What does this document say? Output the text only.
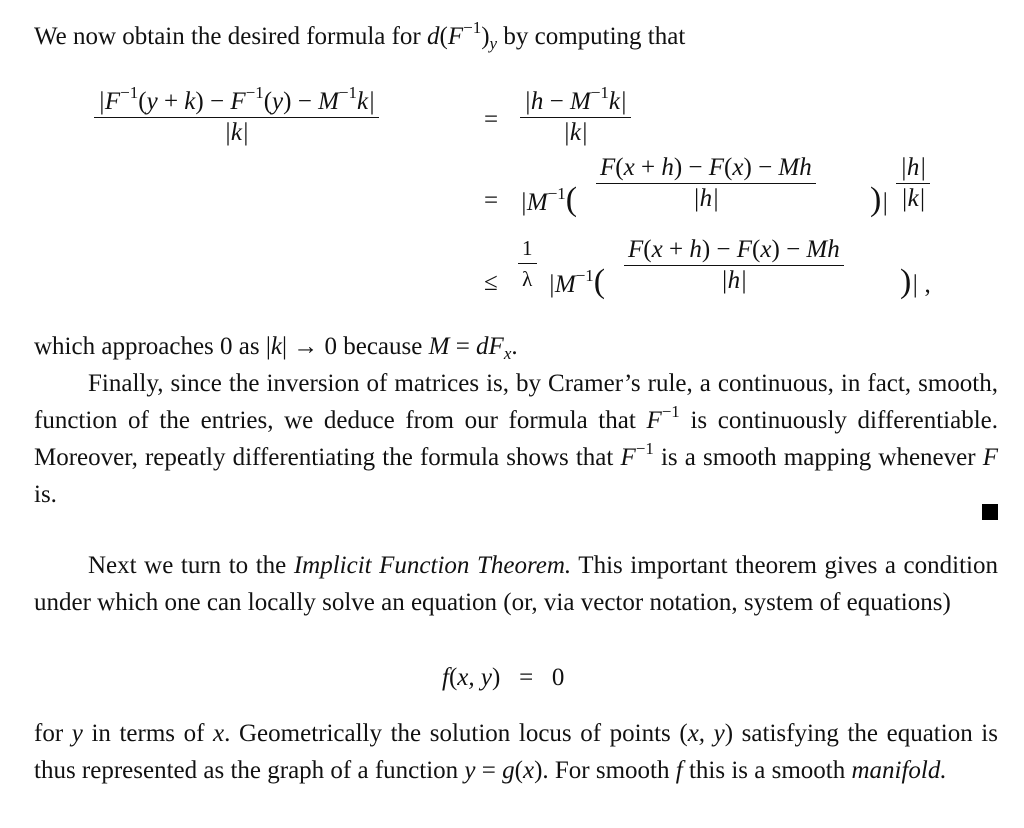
We now obtain the desired formula for $d(F^{-1})_y$ by computing that

$|F^{-1}(y + k) - F^{-1}(y) - M^{-1}k|$
|k|	=
$|h - M^{-1}k|$
|k|
= $|M^{-1}$(
F(x + h) − F(x) − Mh
|h|	)|
|h|
|k|
≤
1
λ $|M^{-1}$(
F(x + h) − F(x) − Mh
|h|	)| ,

which approaches 0 as |k| → 0 because $M = dF_x$.

Finally, since the inversion of matrices is, by Cramer’s rule, a continuous, in fact, smooth, function of the entries, we deduce from our formula that $F^{-1}$ is continuously differentiable. Moreover, repeatly differentiating the formula shows that $F^{-1}$ is a smooth mapping whenever F is.

Next we turn to the Implicit Function Theorem. This important theorem gives a condition under which one can locally solve an equation (or, via vector notation, system of equations)

f(x, y) = 0

for y in terms of x. Geometrically the solution locus of points (x, y) satisfying the equation is thus represented as the graph of a function y = g(x). For smooth f this is a smooth manifold.
